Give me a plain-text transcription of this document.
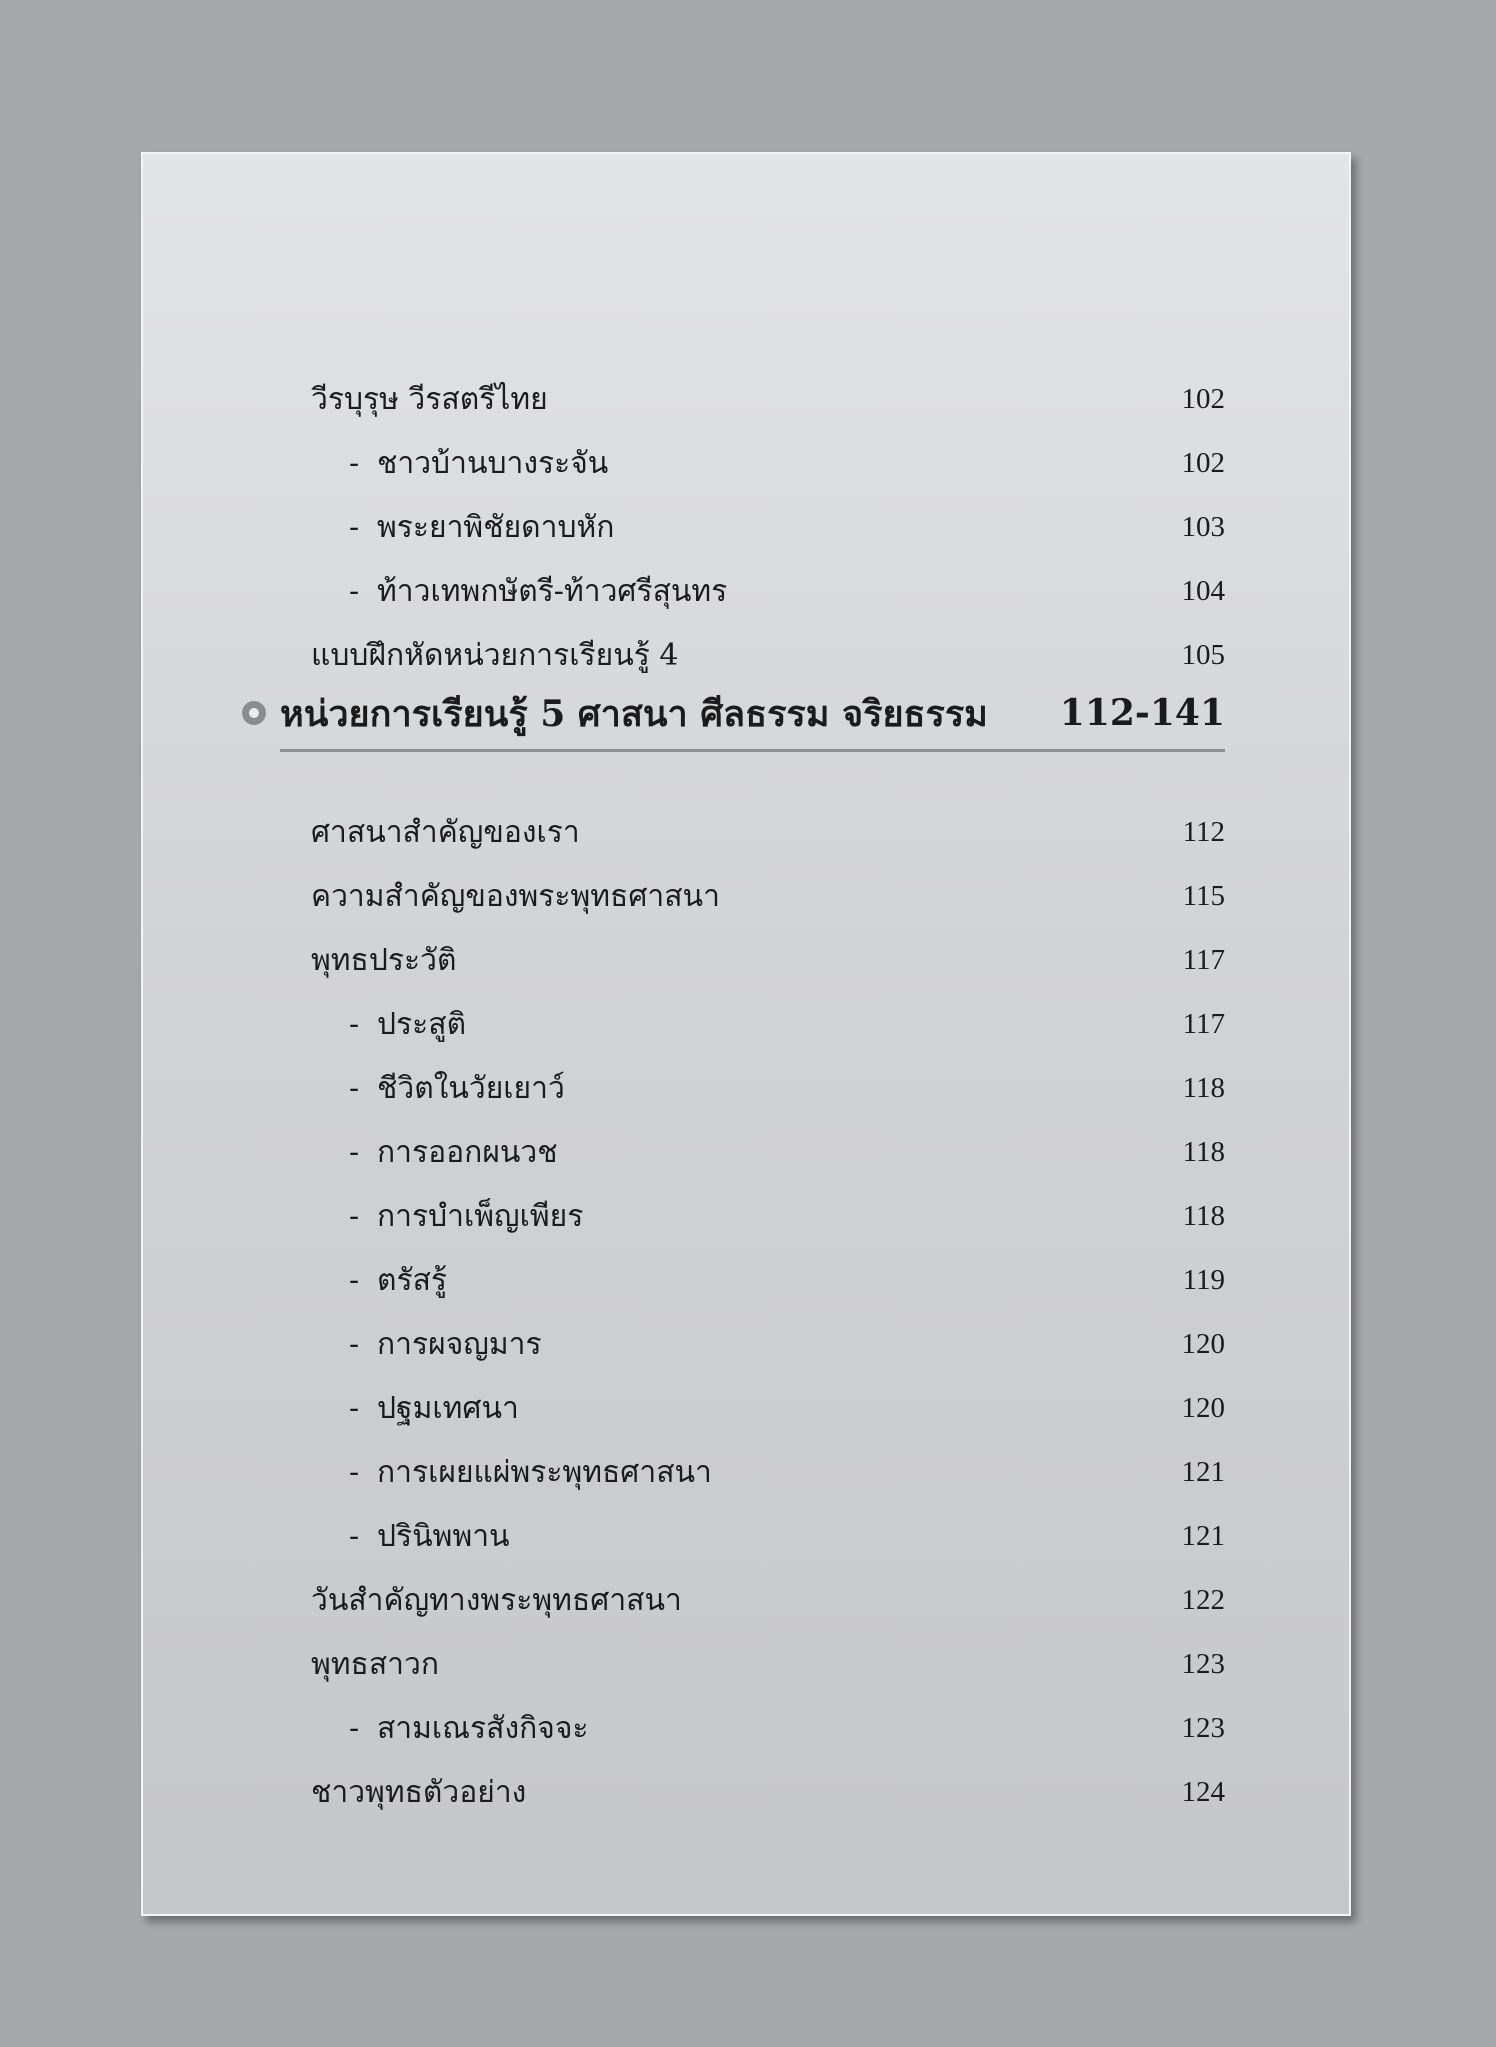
วีรบุรุษ วีรสตรีไทย	102
- ชาวบ้านบางระจัน	102
- พระยาพิชัยดาบหัก	103
- ท้าวเทพกษัตรี-ท้าวศรีสุนทร	104
แบบฝึกหัดหน่วยการเรียนรู้ 4	105
หน่วยการเรียนรู้ 5 ศาสนา ศีลธรรม จริยธรรม	112-141
ศาสนาสำคัญของเรา	112
ความสำคัญของพระพุทธศาสนา	115
พุทธประวัติ	117
- ประสูติ	117
- ชีวิตในวัยเยาว์	118
- การออกผนวช	118
- การบำเพ็ญเพียร	118
- ตรัสรู้	119
- การผจญมาร	120
- ปฐมเทศนา	120
- การเผยแผ่พระพุทธศาสนา	121
- ปรินิพพาน	121
วันสำคัญทางพระพุทธศาสนา	122
พุทธสาวก	123
- สามเณรสังกิจจะ	123
ชาวพุทธตัวอย่าง	124
